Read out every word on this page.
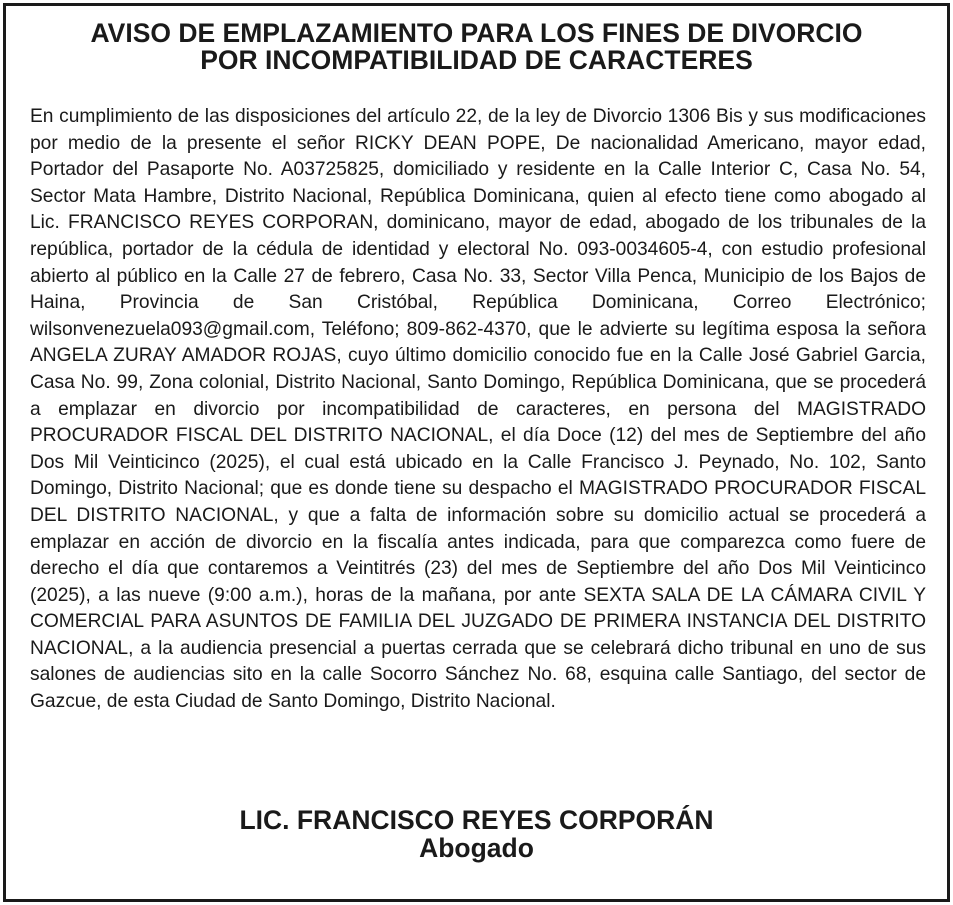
AVISO DE EMPLAZAMIENTO PARA LOS FINES DE DIVORCIO
POR INCOMPATIBILIDAD DE CARACTERES

En cumplimiento de las disposiciones del artículo 22, de la ley de Divorcio 1306 Bis y sus modificaciones por medio de la presente el señor RICKY DEAN POPE, De nacionalidad Americano, mayor edad, Portador del Pasaporte No. A03725825, domiciliado y residente en la Calle Interior C, Casa No. 54, Sector Mata Hambre, Distrito Nacional, República Dominicana, quien al efecto tiene como abogado al Lic. FRANCISCO REYES CORPORAN, dominicano, mayor de edad, abogado de los tribunales de la república, portador de la cédula de identidad y electoral No. 093-0034605-4, con estudio profesional abierto al público en la Calle 27 de febrero, Casa No. 33, Sector Villa Penca, Municipio de los Bajos de Haina, Provincia de San Cristóbal, República Dominicana, Correo Electrónico; wilsonvenezuela093@gmail.com, Teléfono; 809-862-4370, que le advierte su legítima esposa la señora ANGELA ZURAY AMADOR ROJAS, cuyo último domicilio conocido fue en la Calle José Gabriel Garcia, Casa No. 99, Zona colonial, Distrito Nacional, Santo Domingo, República Dominicana, que se procederá a emplazar en divorcio por incompatibilidad de caracteres, en persona del MAGISTRADO PROCURADOR FISCAL DEL DISTRITO NACIONAL, el día Doce (12) del mes de Septiembre del año Dos Mil Veinticinco (2025), el cual está ubicado en la Calle Francisco J. Peynado, No. 102, Santo Domingo, Distrito Nacional; que es donde tiene su despacho el MAGISTRADO PROCURADOR FISCAL DEL DISTRITO NACIONAL, y que a falta de información sobre su domicilio actual se procederá a emplazar en acción de divorcio en la fiscalía antes indicada, para que comparezca como fuere de derecho el día que contaremos a Veintitrés (23) del mes de Septiembre del año Dos Mil Veinticinco (2025), a las nueve (9:00 a.m.), horas de la mañana, por ante SEXTA SALA DE LA CÁMARA CIVIL Y COMERCIAL PARA ASUNTOS DE FAMILIA DEL JUZGADO DE PRIMERA INSTANCIA DEL DISTRITO NACIONAL, a la audiencia presencial a puertas cerrada que se celebrará dicho tribunal en uno de sus salones de audiencias sito en la calle Socorro Sánchez No. 68, esquina calle Santiago, del sector de Gazcue, de esta Ciudad de Santo Domingo, Distrito Nacional.

LIC. FRANCISCO REYES CORPORÁN
Abogado
